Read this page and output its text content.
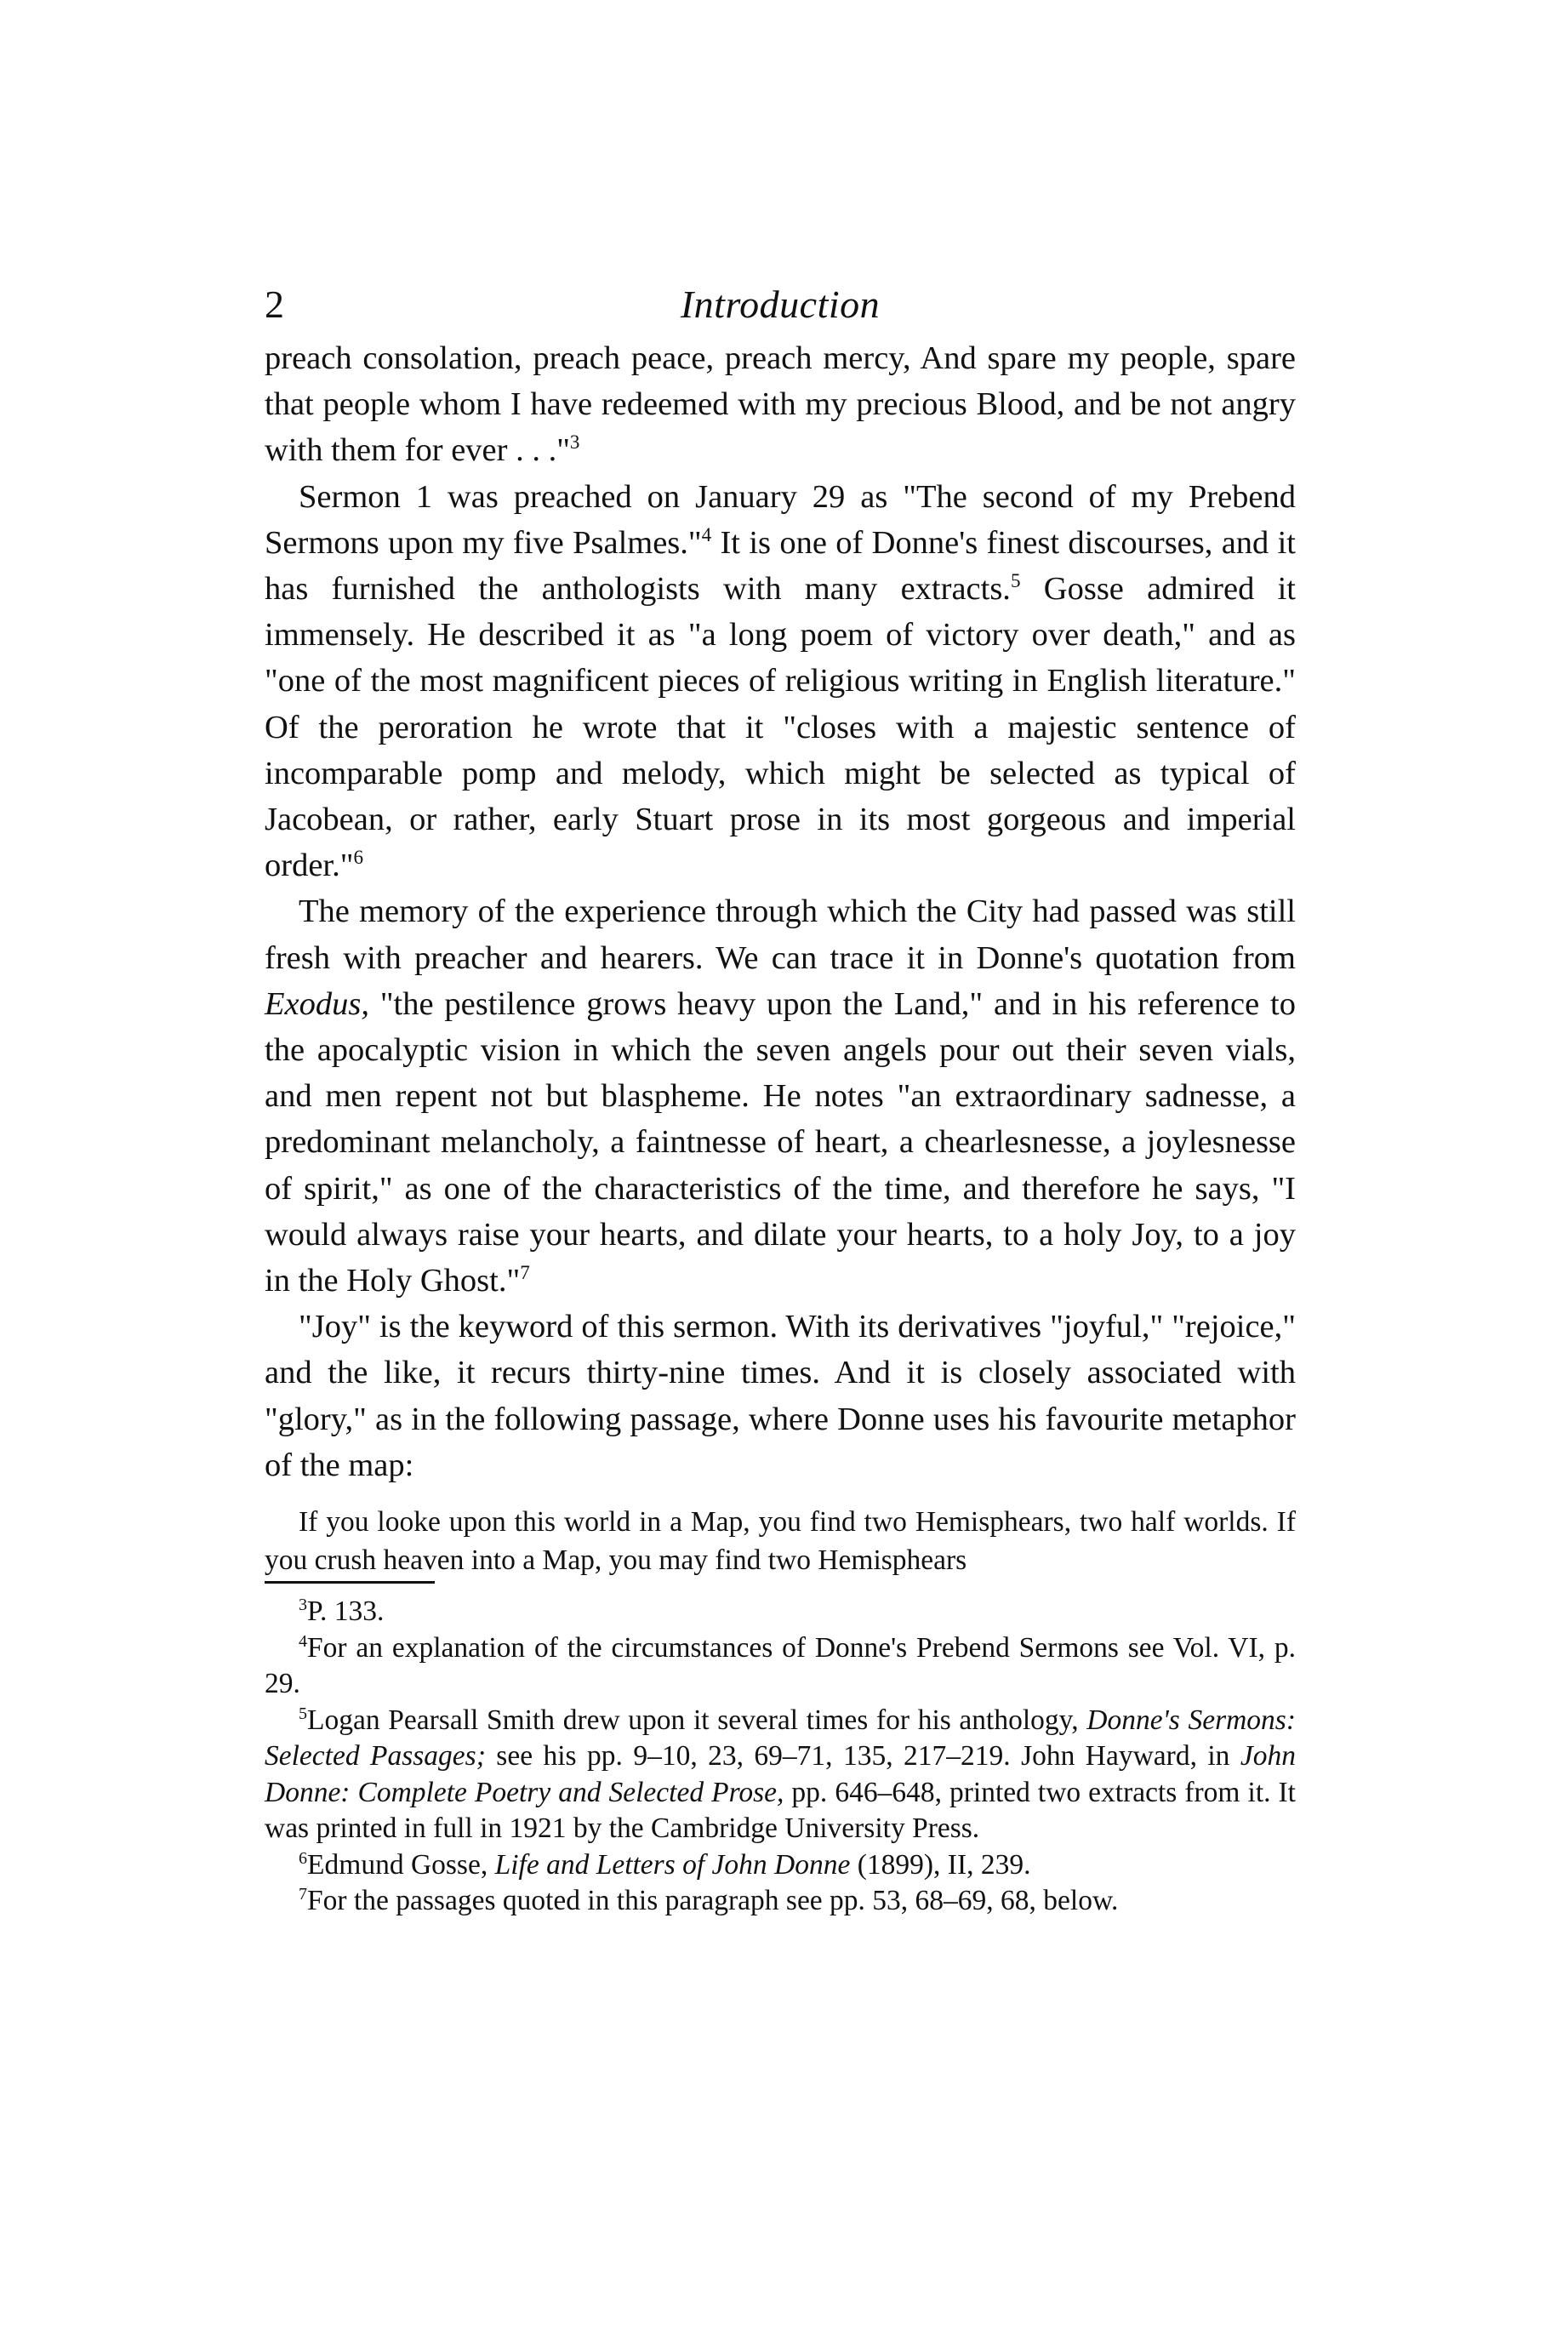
2	Introduction

preach consolation, preach peace, preach mercy, And spare my people, spare that people whom I have redeemed with my precious Blood, and be not angry with them for ever . . ."$^3$

Sermon 1 was preached on January 29 as "The second of my Prebend Sermons upon my five Psalmes."$^4$ It is one of Donne's finest discourses, and it has furnished the anthologists with many extracts.$^5$ Gosse admired it immensely. He described it as "a long poem of victory over death," and as "one of the most magnificent pieces of religious writing in English literature." Of the peroration he wrote that it "closes with a majestic sentence of incomparable pomp and melody, which might be selected as typical of Jacobean, or rather, early Stuart prose in its most gorgeous and imperial order."$^6$

The memory of the experience through which the City had passed was still fresh with preacher and hearers. We can trace it in Donne's quotation from Exodus, "the pestilence grows heavy upon the Land," and in his reference to the apocalyptic vision in which the seven angels pour out their seven vials, and men repent not but blaspheme. He notes "an extraordinary sadnesse, a predominant melancholy, a faintnesse of heart, a chearlesnesse, a joylesnesse of spirit," as one of the characteristics of the time, and therefore he says, "I would always raise your hearts, and dilate your hearts, to a holy Joy, to a joy in the Holy Ghost."$^7$

"Joy" is the keyword of this sermon. With its derivatives "joyful," "rejoice," and the like, it recurs thirty-nine times. And it is closely associated with "glory," as in the following passage, where Donne uses his favourite metaphor of the map:

If you looke upon this world in a Map, you find two Hemisphears, two half worlds. If you crush heaven into a Map, you may find two Hemisphears

$^3$P. 133.

$^4$For an explanation of the circumstances of Donne's Prebend Sermons see Vol. VI, p. 29.

$^5$Logan Pearsall Smith drew upon it several times for his anthology, Donne's Sermons: Selected Passages; see his pp. 9–10, 23, 69–71, 135, 217–219. John Hayward, in John Donne: Complete Poetry and Selected Prose, pp. 646–648, printed two extracts from it. It was printed in full in 1921 by the Cambridge University Press.

$^6$Edmund Gosse, Life and Letters of John Donne (1899), II, 239.

$^7$For the passages quoted in this paragraph see pp. 53, 68–69, 68, below.
